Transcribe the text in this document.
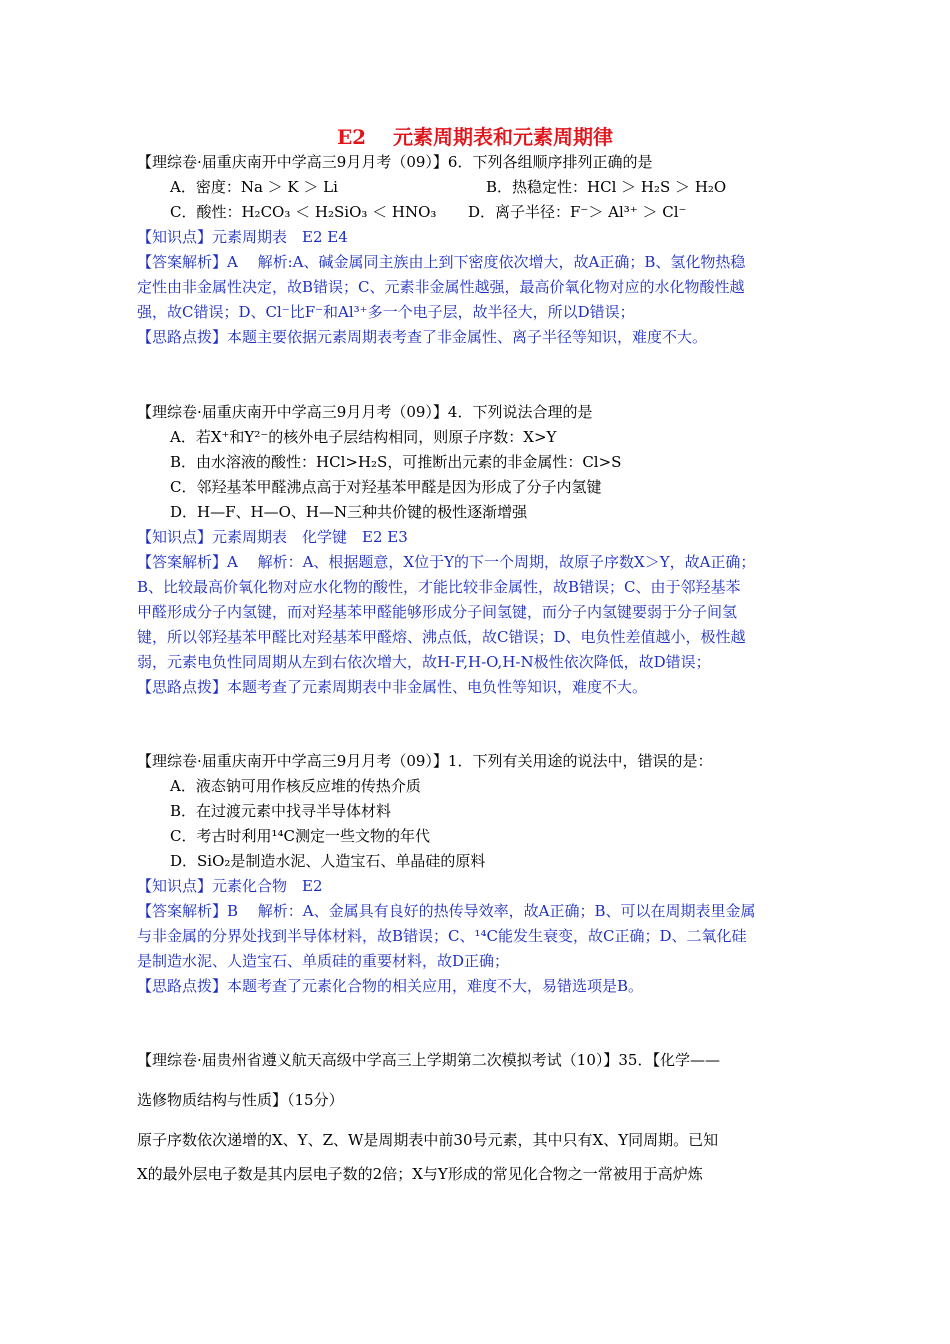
E2　 元素周期表和元素周期律
【理综卷·届重庆南开中学高三9月月考（09）】6．下列各组顺序排列正确的是
A．密度：Na ＞ K ＞ Li	B．热稳定性：HCl ＞ H₂S ＞ H₂O
C．酸性：H₂CO₃ ＜ H₂SiO₃ ＜ HNO₃ D．离子半径：F⁻＞ Al³⁺ ＞ Cl⁻
【知识点】元素周期表　E2 E4
【答案解析】A　 解析:A、碱金属同主族由上到下密度依次增大，故A正确；B、氢化物热稳
定性由非金属性决定，故B错误；C、元素非金属性越强，最高价氧化物对应的水化物酸性越
强，故C错误；D、Cl⁻比F⁻和Al³⁺多一个电子层，故半径大，所以D错误；
【思路点拨】本题主要依据元素周期表考查了非金属性、离子半径等知识，难度不大。
【理综卷·届重庆南开中学高三9月月考（09）】4．下列说法合理的是
A．若X⁺和Y²⁻的核外电子层结构相同，则原子序数：X>Y
B．由水溶液的酸性：HCl>H₂S，可推断出元素的非金属性：Cl>S
C．邻羟基苯甲醛沸点高于对羟基苯甲醛是因为形成了分子内氢键
D．H—F、H—O、H—N三种共价键的极性逐渐增强
【知识点】元素周期表　化学键　E2 E3
【答案解析】A　 解析：A、根据题意，X位于Y的下一个周期，故原子序数X＞Y，故A正确；
B、比较最高价氧化物对应水化物的酸性，才能比较非金属性，故B错误；C、由于邻羟基苯
甲醛形成分子内氢键，而对羟基苯甲醛能够形成分子间氢键，而分子内氢键要弱于分子间氢
键，所以邻羟基苯甲醛比对羟基苯甲醛熔、沸点低，故C错误；D、电负性差值越小，极性越
弱，元素电负性同周期从左到右依次增大，故H-F,H-O,H-N极性依次降低，故D错误；
【思路点拨】本题考查了元素周期表中非金属性、电负性等知识，难度不大。
【理综卷·届重庆南开中学高三9月月考（09）】1．下列有关用途的说法中，错误的是：
A．液态钠可用作核反应堆的传热介质
B．在过渡元素中找寻半导体材料
C．考古时利用¹⁴C测定一些文物的年代
D．SiO₂是制造水泥、人造宝石、单晶硅的原料
【知识点】元素化合物　E2
【答案解析】B　 解析：A、金属具有良好的热传导效率，故A正确；B、可以在周期表里金属
与非金属的分界处找到半导体材料，故B错误；C、¹⁴C能发生衰变，故C正确；D、二氧化硅
是制造水泥、人造宝石、单质硅的重要材料，故D正确；
【思路点拨】本题考查了元素化合物的相关应用，难度不大，易错选项是B。
【理综卷·届贵州省遵义航天高级中学高三上学期第二次模拟考试（10）】35．【化学——
选修物质结构与性质】（15分）
原子序数依次递增的X、Y、Z、W是周期表中前30号元素，其中只有X、Y同周期。已知
X的最外层电子数是其内层电子数的2倍；X与Y形成的常见化合物之一常被用于高炉炼
